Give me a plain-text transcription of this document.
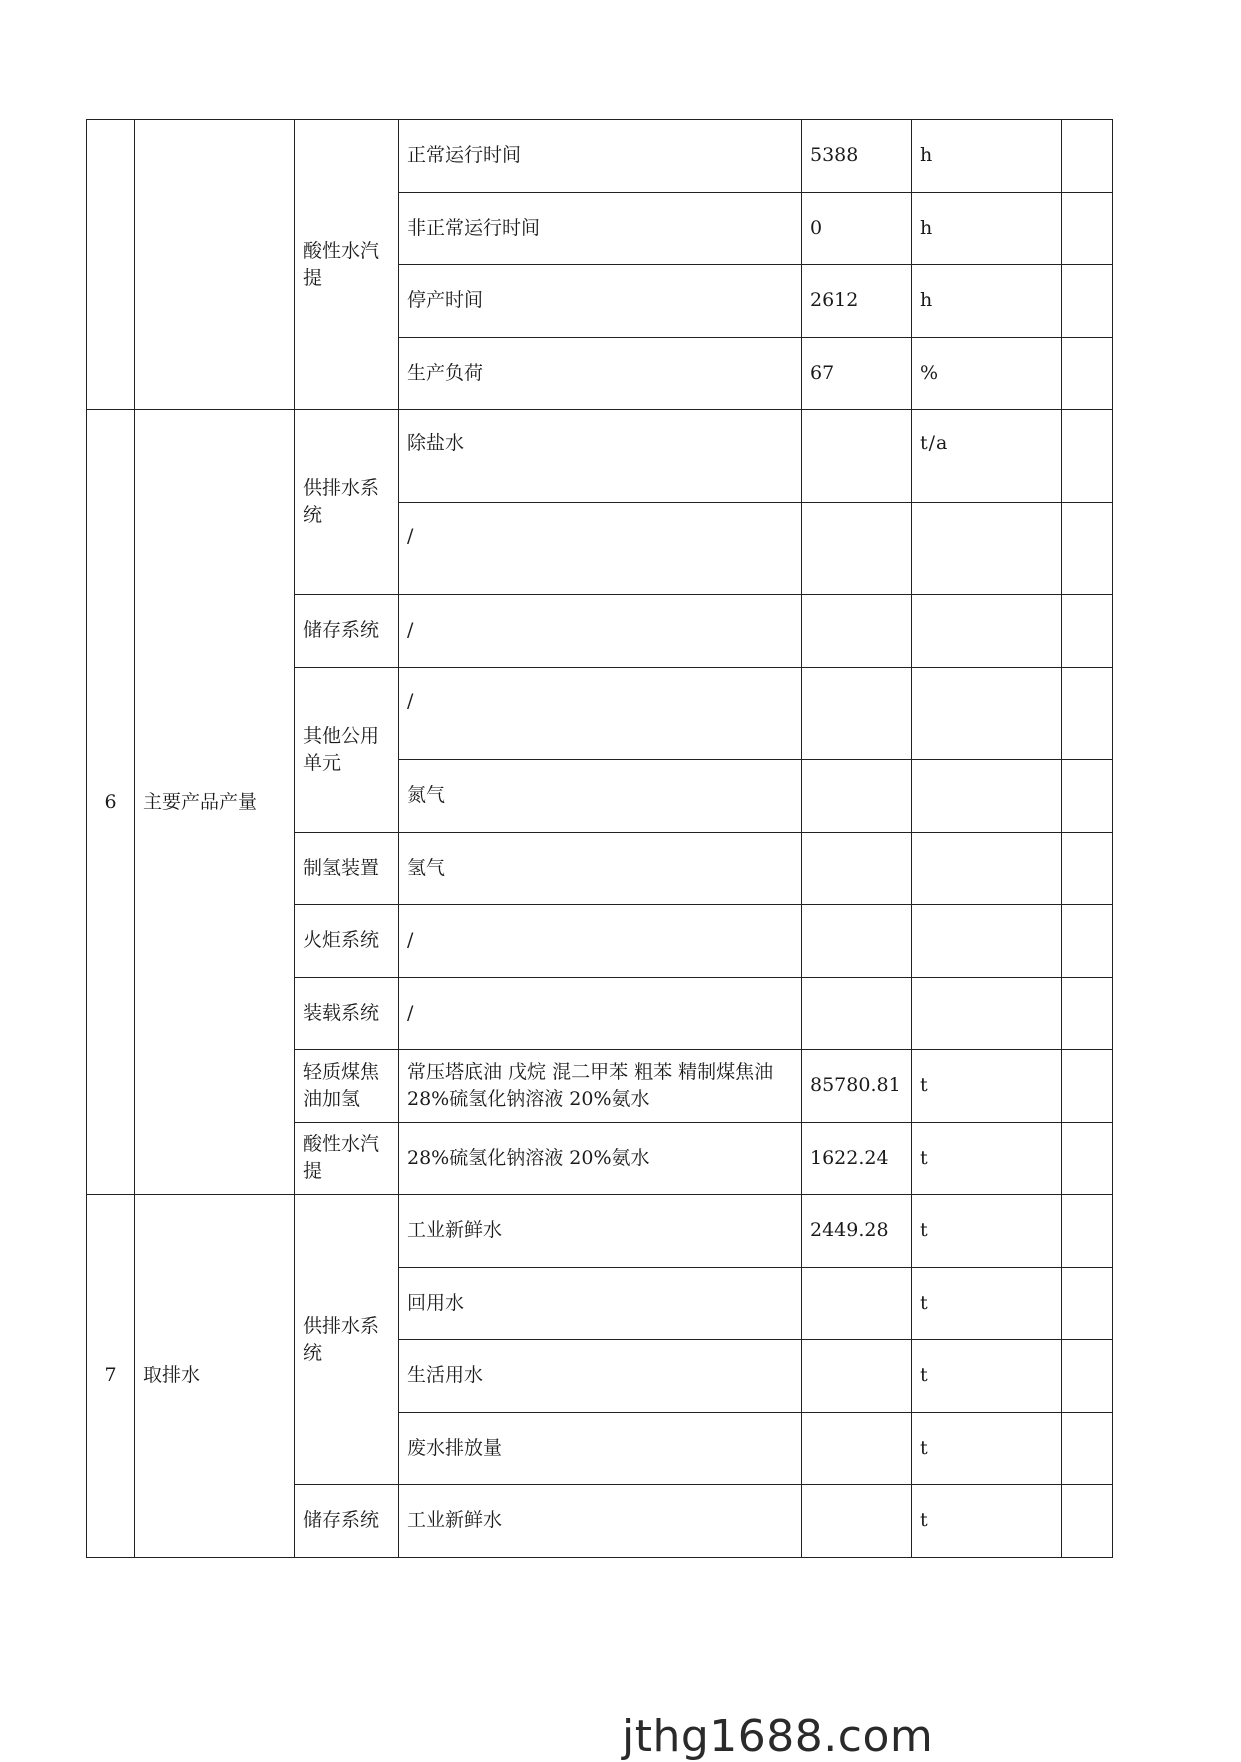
		酸性水汽提	正常运行时间	5388	h	
			非正常运行时间	0	h	
			停产时间	2612	h	
			生产负荷	67	%	
6	主要产品产量	供排水系统	除盐水		t/a	
			/			
		储存系统	/			
		其他公用单元	/			
			氮气			
		制氢装置	氢气			
		火炬系统	/			
		装载系统	/			
		轻质煤焦油加氢	常压塔底油 戊烷 混二甲苯 粗苯 精制煤焦油 28%硫氢化钠溶液 20%氨水	85780.81	t	
		酸性水汽提	28%硫氢化钠溶液 20%氨水	1622.24	t	
7	取排水	供排水系统	工业新鲜水	2449.28	t	
			回用水		t	
			生活用水		t	
			废水排放量		t	
		储存系统	工业新鲜水		t	
jthg1688.com
